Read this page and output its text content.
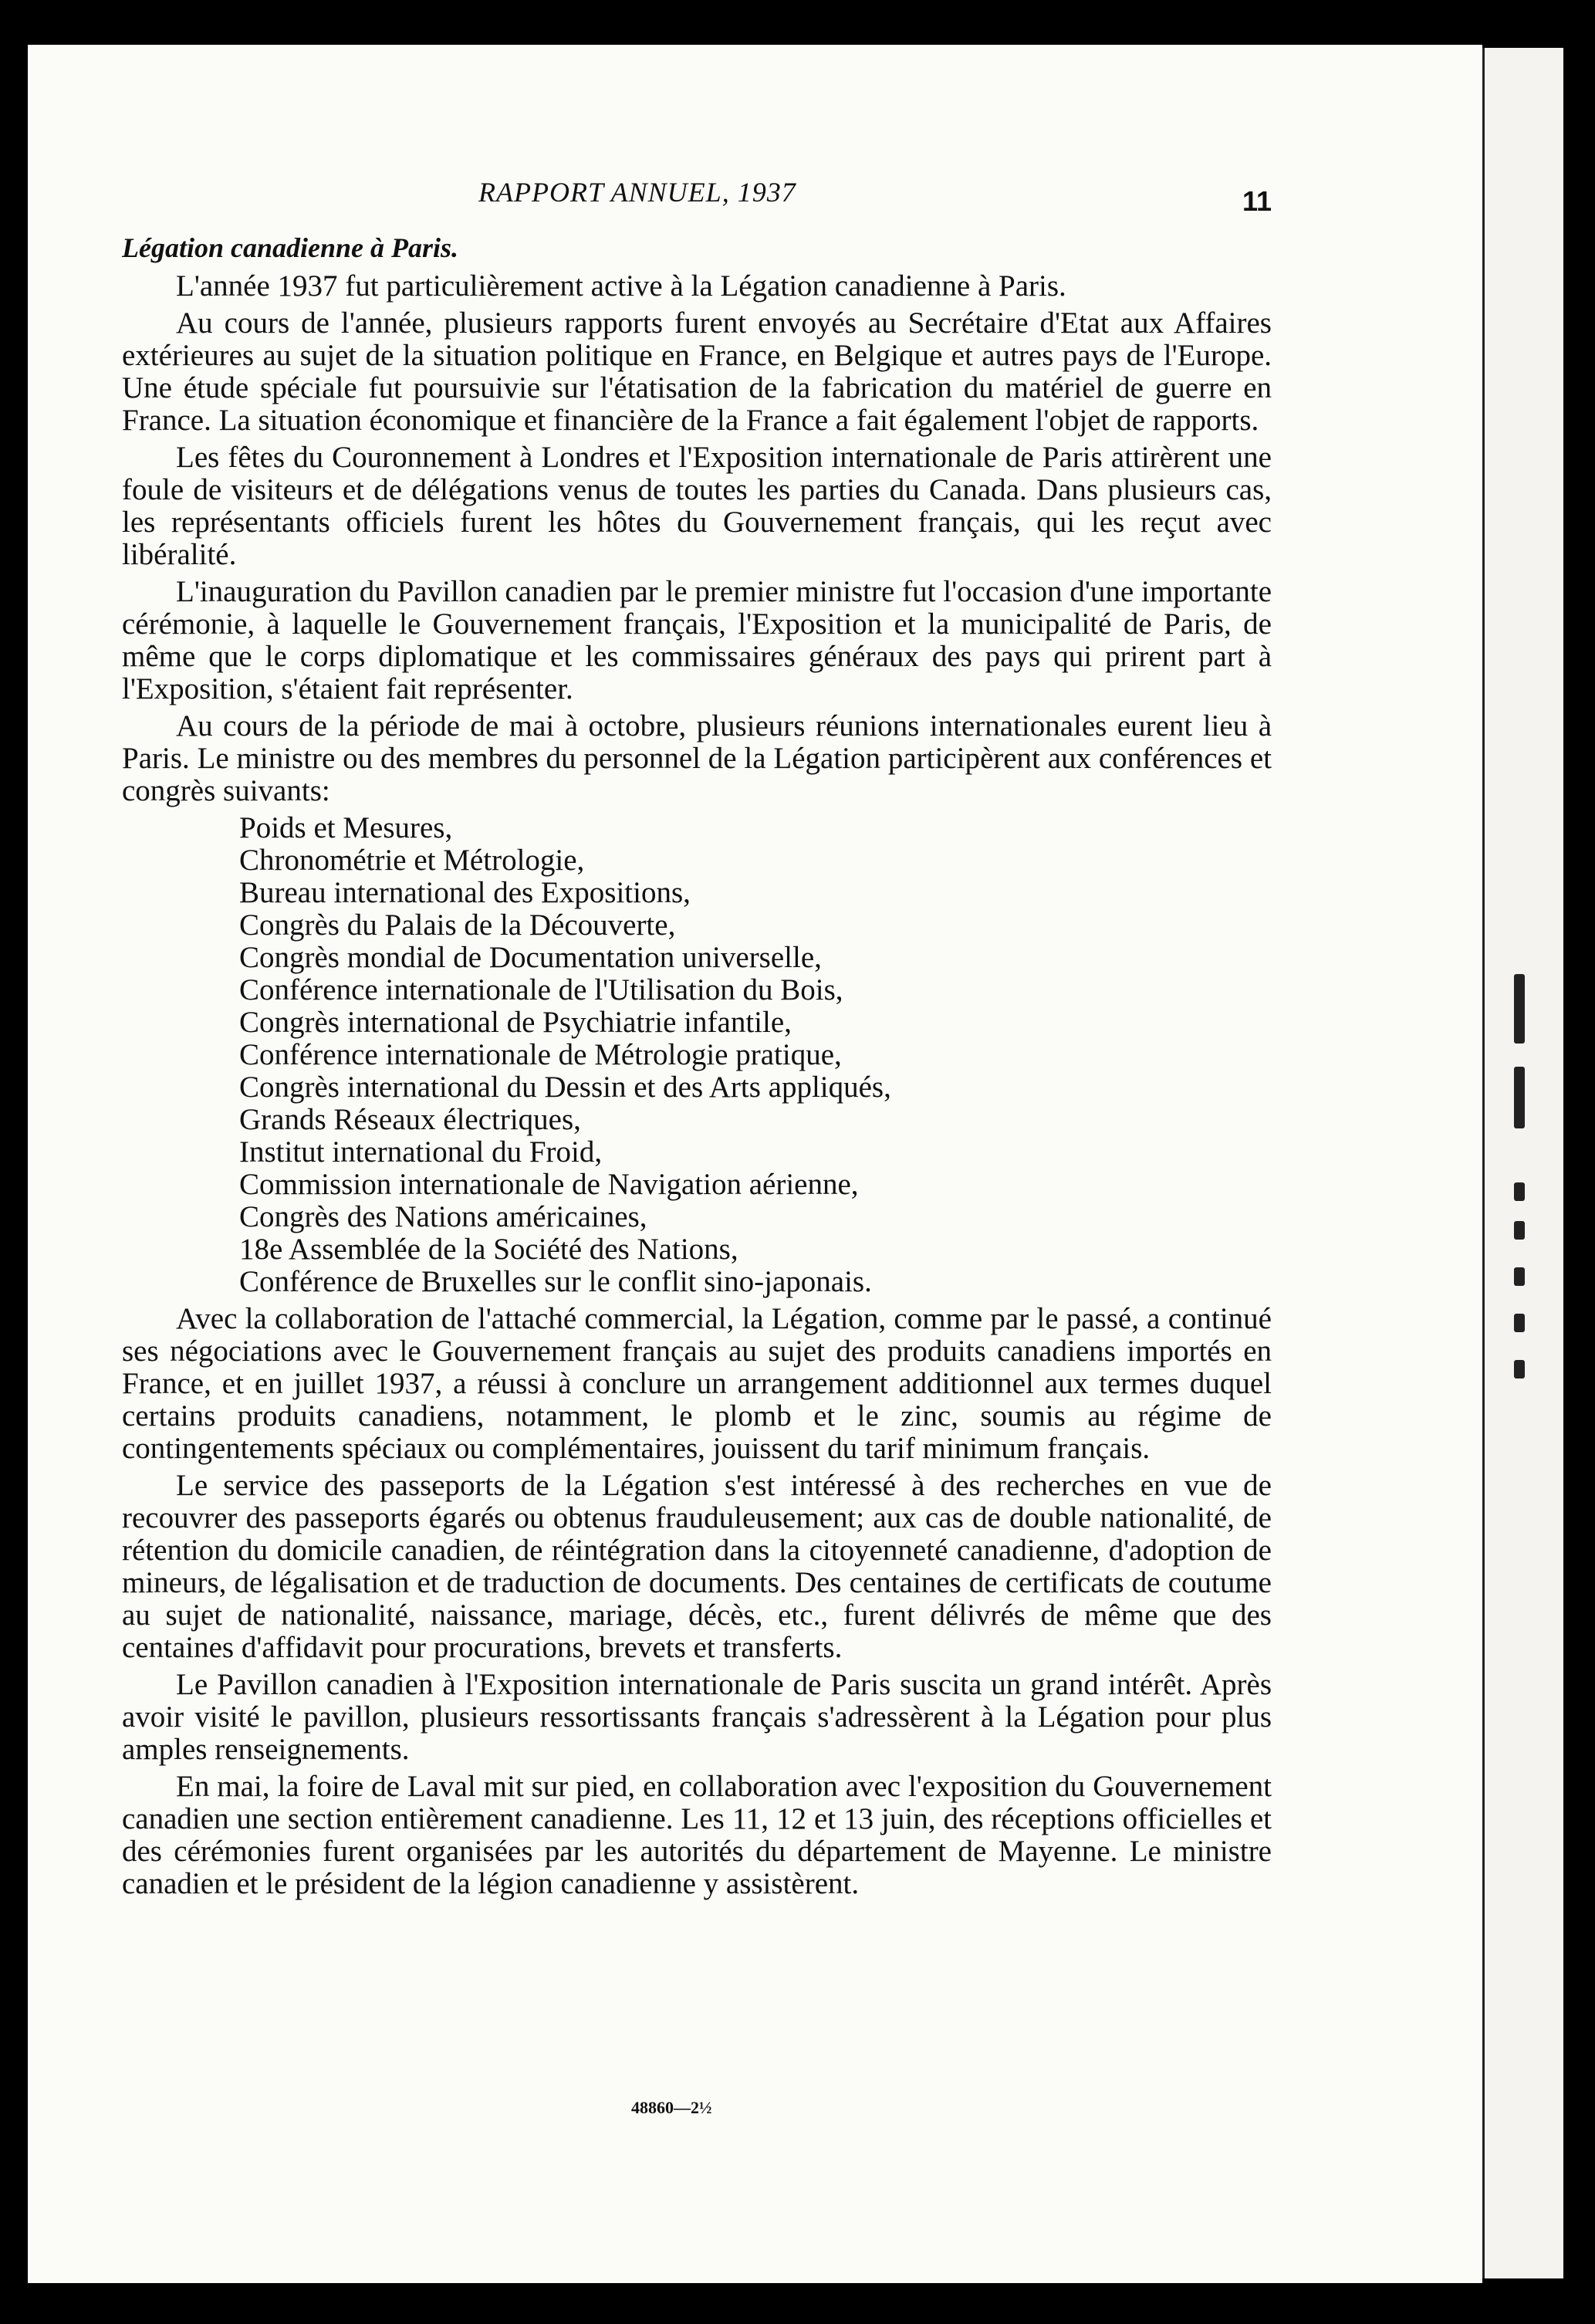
RAPPORT ANNUEL, 1937	11
Légation canadienne à Paris.

L'année 1937 fut particulièrement active à la Légation canadienne à Paris.

Au cours de l'année, plusieurs rapports furent envoyés au Secrétaire d'Etat aux Affaires extérieures au sujet de la situation politique en France, en Belgique et autres pays de l'Europe. Une étude spéciale fut poursuivie sur l'étatisation de la fabrication du matériel de guerre en France. La situation économique et financière de la France a fait également l'objet de rapports.

Les fêtes du Couronnement à Londres et l'Exposition internationale de Paris attirèrent une foule de visiteurs et de délégations venus de toutes les parties du Canada. Dans plusieurs cas, les représentants officiels furent les hôtes du Gouvernement français, qui les reçut avec libéralité.

L'inauguration du Pavillon canadien par le premier ministre fut l'occasion d'une importante cérémonie, à laquelle le Gouvernement français, l'Exposition et la municipalité de Paris, de même que le corps diplomatique et les commissaires généraux des pays qui prirent part à l'Exposition, s'étaient fait représenter.

Au cours de la période de mai à octobre, plusieurs réunions internationales eurent lieu à Paris. Le ministre ou des membres du personnel de la Légation participèrent aux conférences et congrès suivants:

Poids et Mesures,
Chronométrie et Métrologie,
Bureau international des Expositions,
Congrès du Palais de la Découverte,
Congrès mondial de Documentation universelle,
Conférence internationale de l'Utilisation du Bois,
Congrès international de Psychiatrie infantile,
Conférence internationale de Métrologie pratique,
Congrès international du Dessin et des Arts appliqués,
Grands Réseaux électriques,
Institut international du Froid,
Commission internationale de Navigation aérienne,
Congrès des Nations américaines,
18e Assemblée de la Société des Nations,
Conférence de Bruxelles sur le conflit sino-japonais.

Avec la collaboration de l'attaché commercial, la Légation, comme par le passé, a continué ses négociations avec le Gouvernement français au sujet des produits canadiens importés en France, et en juillet 1937, a réussi à conclure un arrangement additionnel aux termes duquel certains produits canadiens, notamment, le plomb et le zinc, soumis au régime de contingentements spéciaux ou complémentaires, jouissent du tarif minimum français.

Le service des passeports de la Légation s'est intéressé à des recherches en vue de recouvrer des passeports égarés ou obtenus frauduleusement; aux cas de double nationalité, de rétention du domicile canadien, de réintégration dans la citoyenneté canadienne, d'adoption de mineurs, de légalisation et de traduction de documents. Des centaines de certificats de coutume au sujet de nationalité, naissance, mariage, décès, etc., furent délivrés de même que des centaines d'affidavit pour procurations, brevets et transferts.

Le Pavillon canadien à l'Exposition internationale de Paris suscita un grand intérêt. Après avoir visité le pavillon, plusieurs ressortissants français s'adressèrent à la Légation pour plus amples renseignements.

En mai, la foire de Laval mit sur pied, en collaboration avec l'exposition du Gouvernement canadien une section entièrement canadienne. Les 11, 12 et 13 juin, des réceptions officielles et des cérémonies furent organisées par les autorités du département de Mayenne. Le ministre canadien et le président de la légion canadienne y assistèrent.

48860—2½
